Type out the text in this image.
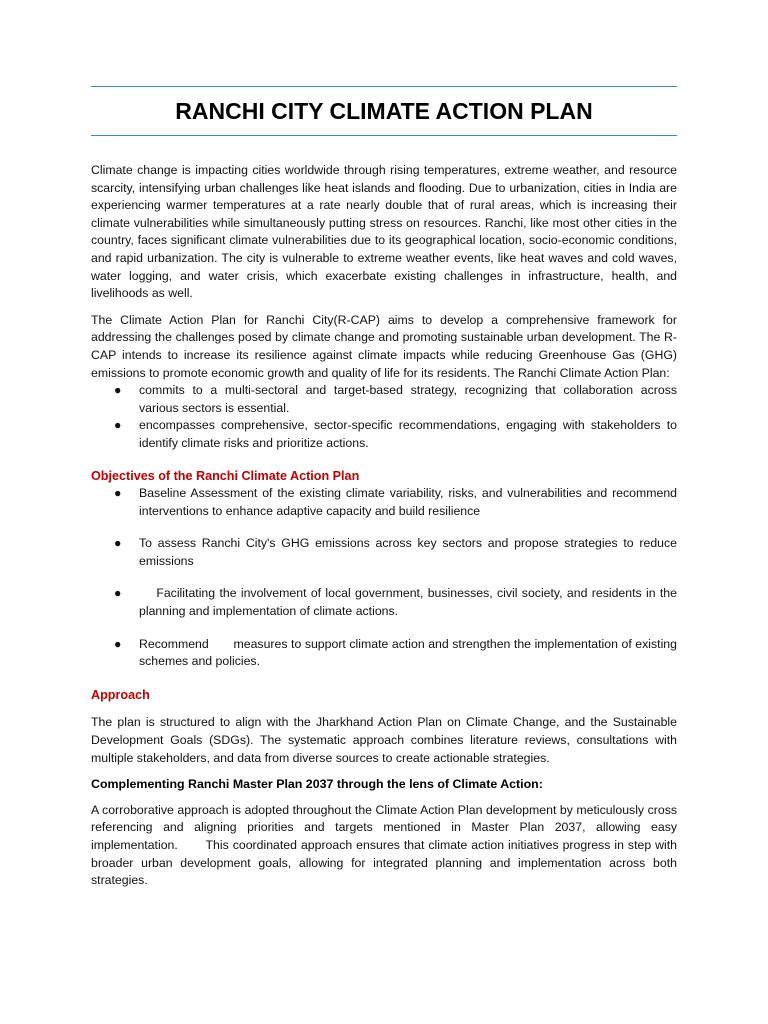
RANCHI CITY CLIMATE ACTION PLAN

Climate change is impacting cities worldwide through rising temperatures, extreme weather, and resource scarcity, intensifying urban challenges like heat islands and flooding. Due to urbanization, cities in India are experiencing warmer temperatures at a rate nearly double that of rural areas, which is increasing their climate vulnerabilities while simultaneously putting stress on resources. Ranchi, like most other cities in the country, faces significant climate vulnerabilities due to its geographical location, socio-economic conditions, and rapid urbanization. The city is vulnerable to extreme weather events, like heat waves and cold waves, water logging, and water crisis, which exacerbate existing challenges in infrastructure, health, and livelihoods as well.

The Climate Action Plan for Ranchi City(R-CAP) aims to develop a comprehensive framework for addressing the challenges posed by climate change and promoting sustainable urban development. The R-CAP intends to increase its resilience against climate impacts while reducing Greenhouse Gas (GHG) emissions to promote economic growth and quality of life for its residents. The Ranchi Climate Action Plan:

● commits to a multi-sectoral and target-based strategy, recognizing that collaboration across various sectors is essential.
● encompasses comprehensive, sector-specific recommendations, engaging with stakeholders to identify climate risks and prioritize actions.
Objectives of the Ranchi Climate Action Plan
● Baseline Assessment of the existing climate variability, risks, and vulnerabilities and recommend interventions to enhance adaptive capacity and build resilience
● To assess Ranchi City's GHG emissions across key sectors and propose strategies to reduce emissions
● Facilitating the involvement of local government, businesses, civil society, and residents in the planning and implementation of climate actions.
● Recommend       measures to support climate action and strengthen the implementation of existing schemes and policies.
Approach

The plan is structured to align with the Jharkhand Action Plan on Climate Change, and the Sustainable Development Goals (SDGs). The systematic approach combines literature reviews, consultations with multiple stakeholders, and data from diverse sources to create actionable strategies.

Complementing Ranchi Master Plan 2037 through the lens of Climate Action:

A corroborative approach is adopted throughout the Climate Action Plan development by meticulously cross referencing and aligning priorities and targets mentioned in Master Plan 2037, allowing easy implementation.       This coordinated approach ensures that climate action initiatives progress in step with broader urban development goals, allowing for integrated planning and implementation across both strategies.
